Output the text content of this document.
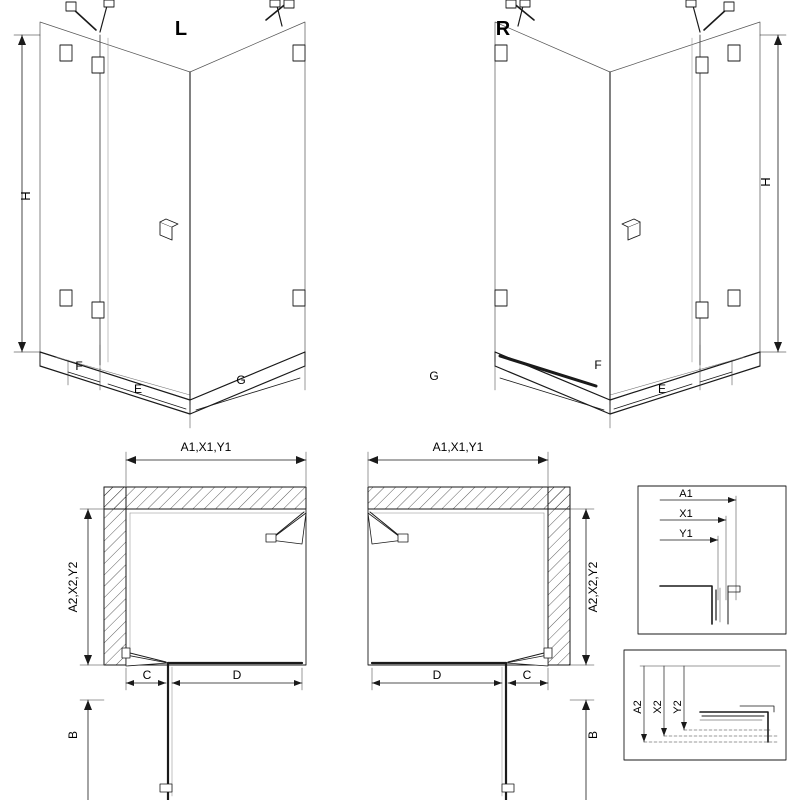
L	R
H
H
F
E
G
F
E
G
A1,X1,Y1	A1,X1,Y1
A2,X2,Y2	A2,X2,Y2
C	D	C
D
B	B
A1
X1
Y1
A2 X2 Y2
